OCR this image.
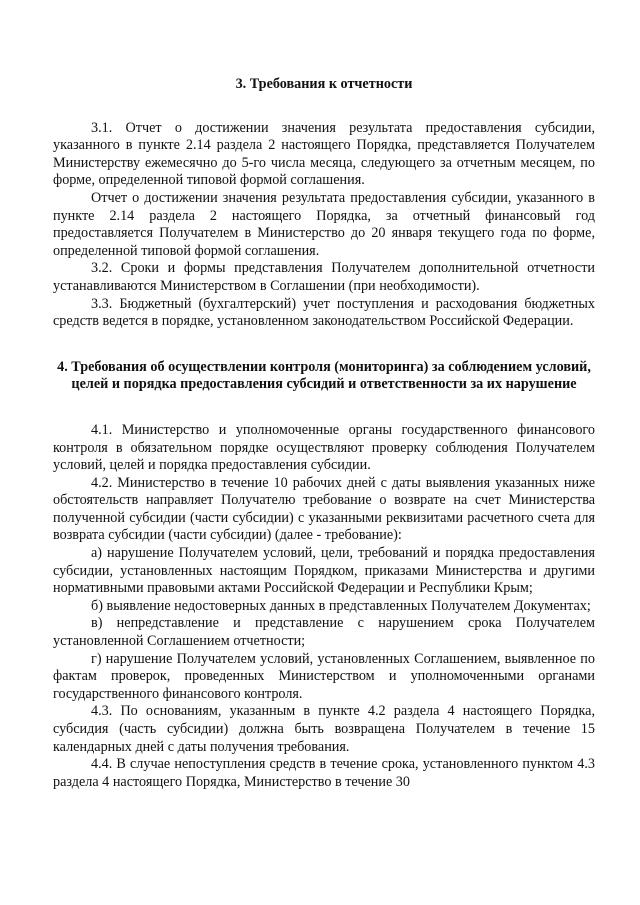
3. Требования к отчетности

3.1. Отчет о достижении значения результата предоставления субсидии, указанного в пункте 2.14 раздела 2 настоящего Порядка, представляется Получателем Министерству ежемесячно до 5-го числа месяца, следующего за отчетным месяцем, по форме, определенной типовой формой соглашения.

Отчет о достижении значения результата предоставления субсидии, указанного в пункте 2.14 раздела 2 настоящего Порядка, за отчетный финансовый год предоставляется Получателем в Министерство до 20 января текущего года по форме, определенной типовой формой соглашения.

3.2. Сроки и формы представления Получателем дополнительной отчетности устанавливаются Министерством в Соглашении (при необходимости).

3.3. Бюджетный (бухгалтерский) учет поступления и расходования бюджетных средств ведется в порядке, установленном законодательством Российской Федерации.

4. Требования об осуществлении контроля (мониторинга) за соблюдением условий, целей и порядка предоставления субсидий и ответственности за их нарушение

4.1. Министерство и уполномоченные органы государственного финансового контроля в обязательном порядке осуществляют проверку соблюдения Получателем условий, целей и порядка предоставления субсидии.

4.2. Министерство в течение 10 рабочих дней с даты выявления указанных ниже обстоятельств направляет Получателю требование о возврате на счет Министерства полученной субсидии (части субсидии) с указанными реквизитами расчетного счета для возврата субсидии (части субсидии) (далее - требование):

а) нарушение Получателем условий, цели, требований и порядка предоставления субсидии, установленных настоящим Порядком, приказами Министерства и другими нормативными правовыми актами Российской Федерации и Республики Крым;

б) выявление недостоверных данных в представленных Получателем Документах;

в) непредставление и представление с нарушением срока Получателем установленной Соглашением отчетности;

г) нарушение Получателем условий, установленных Соглашением, выявленное по фактам проверок, проведенных Министерством и уполномоченными органами государственного финансового контроля.

4.3. По основаниям, указанным в пункте 4.2 раздела 4 настоящего Порядка, субсидия (часть субсидии) должна быть возвращена Получателем в течение 15 календарных дней с даты получения требования.

4.4. В случае непоступления средств в течение срока, установленного пунктом 4.3 раздела 4 настоящего Порядка, Министерство в течение 30
